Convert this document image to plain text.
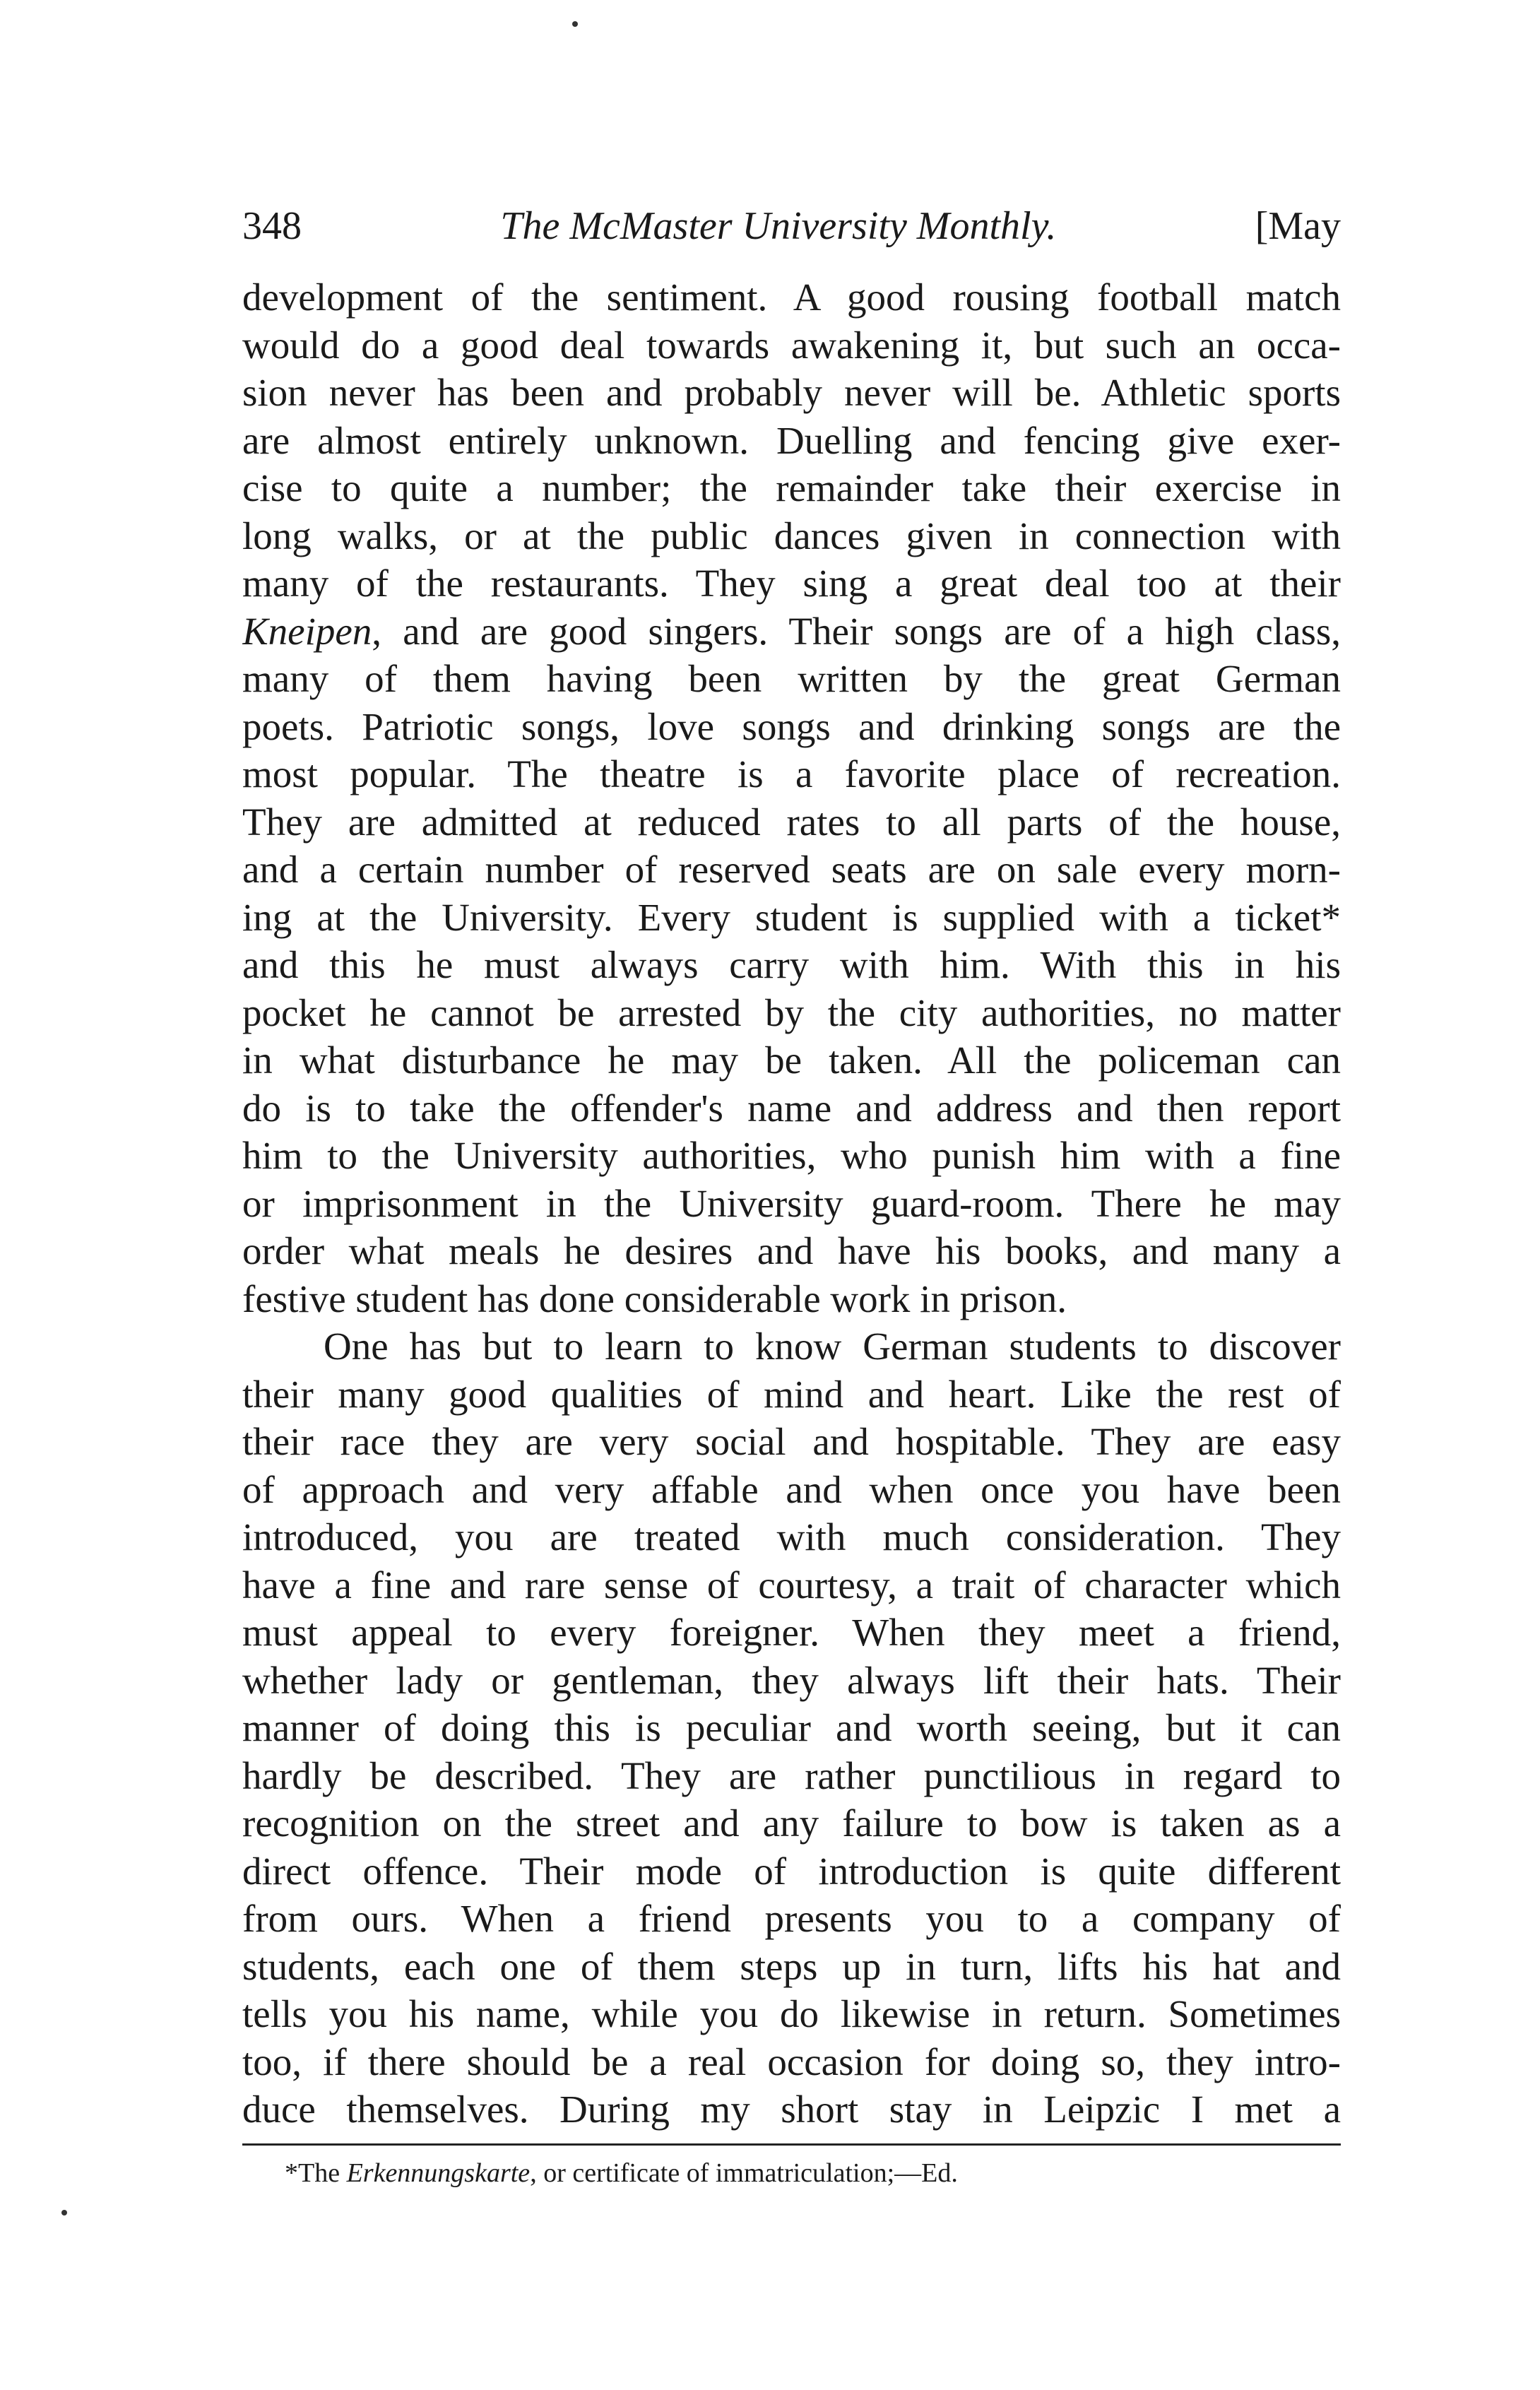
348	The McMaster University Monthly.	[May
development of the sentiment. A good rousing football match
would do a good deal towards awakening it, but such an occa-
sion never has been and probably never will be. Athletic sports
are almost entirely unknown. Duelling and fencing give exer-
cise to quite a number; the remainder take their exercise in
long walks, or at the public dances given in connection with
many of the restaurants. They sing a great deal too at their
Kneipen, and are good singers. Their songs are of a high class,
many of them having been written by the great German
poets. Patriotic songs, love songs and drinking songs are the
most popular. The theatre is a favorite place of recreation.
They are admitted at reduced rates to all parts of the house,
and a certain number of reserved seats are on sale every morn-
ing at the University. Every student is supplied with a ticket*
and this he must always carry with him. With this in his
pocket he cannot be arrested by the city authorities, no matter
in what disturbance he may be taken. All the policeman can
do is to take the offender's name and address and then report
him to the University authorities, who punish him with a fine
or imprisonment in the University guard-room. There he may
order what meals he desires and have his books, and many a
festive student has done considerable work in prison.
One has but to learn to know German students to discover
their many good qualities of mind and heart. Like the rest of
their race they are very social and hospitable. They are easy
of approach and very affable and when once you have been
introduced, you are treated with much consideration. They
have a fine and rare sense of courtesy, a trait of character which
must appeal to every foreigner. When they meet a friend,
whether lady or gentleman, they always lift their hats. Their
manner of doing this is peculiar and worth seeing, but it can
hardly be described. They are rather punctilious in regard to
recognition on the street and any failure to bow is taken as a
direct offence. Their mode of introduction is quite different
from ours. When a friend presents you to a company of
students, each one of them steps up in turn, lifts his hat and
tells you his name, while you do likewise in return. Sometimes
too, if there should be a real occasion for doing so, they intro-
duce themselves. During my short stay in Leipzic I met a
*The Erkennungskarte, or certificate of immatriculation;—Ed.
